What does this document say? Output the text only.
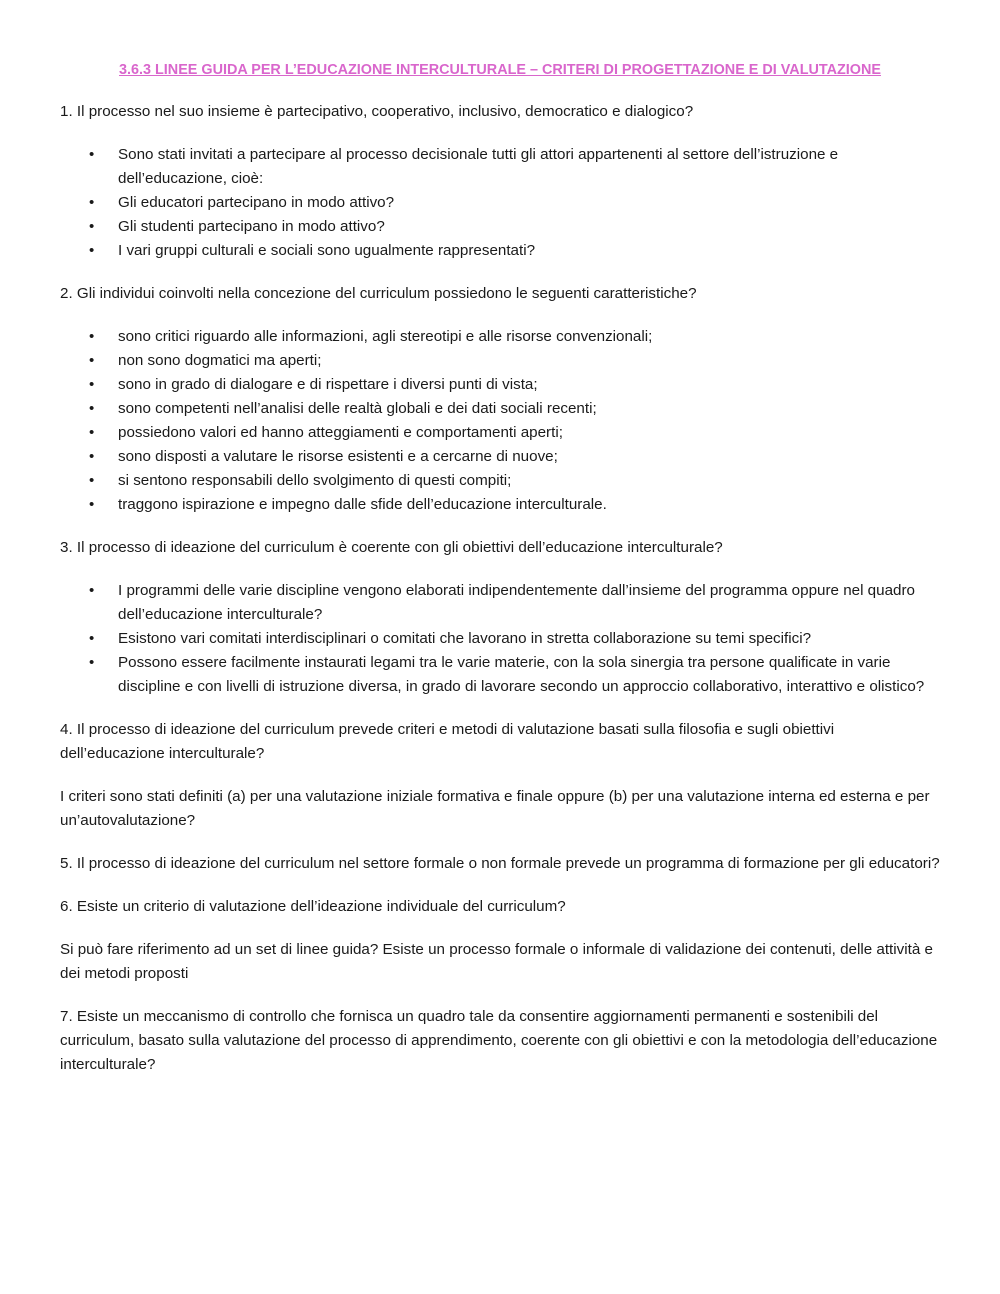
3.6.3 LINEE GUIDA PER L’EDUCAZIONE INTERCULTURALE – CRITERI DI PROGETTAZIONE E DI VALUTAZIONE

1. Il processo nel suo insieme è partecipativo, cooperativo, inclusivo, democratico e dialogico?

•	Sono stati invitati a partecipare al processo decisionale tutti gli attori appartenenti al settore dell’istruzione e dell’educazione, cioè:
•	Gli educatori partecipano in modo attivo?
•	Gli studenti partecipano in modo attivo?
•	I vari gruppi culturali e sociali sono ugualmente rappresentati?

2. Gli individui coinvolti nella concezione del curriculum possiedono le seguenti caratteristiche?

•	sono critici riguardo alle informazioni, agli stereotipi e alle risorse convenzionali;
•	non sono dogmatici ma aperti;
•	sono in grado di dialogare e di rispettare i diversi punti di vista;
•	sono competenti nell’analisi delle realtà globali e dei dati sociali recenti;
•	possiedono valori ed hanno atteggiamenti e comportamenti aperti;
•	sono disposti a valutare le risorse esistenti e a cercarne di nuove;
•	si sentono responsabili dello svolgimento di questi compiti;
•	traggono ispirazione e impegno dalle sfide dell’educazione interculturale.

3. Il processo di ideazione del curriculum è coerente con gli obiettivi dell’educazione interculturale?

•	I programmi delle varie discipline vengono elaborati indipendentemente dall’insieme del programma oppure nel quadro dell’educazione interculturale?
•	Esistono vari comitati interdisciplinari o comitati che lavorano in stretta collaborazione su temi specifici?
•	Possono essere facilmente instaurati legami tra le varie materie, con la sola sinergia tra persone qualificate in varie discipline e con livelli di istruzione diversa, in grado di lavorare secondo un approccio collaborativo, interattivo e olistico?

4. Il processo di ideazione del curriculum prevede criteri e metodi di valutazione basati sulla filosofia e sugli obiettivi dell’educazione interculturale?

I criteri sono stati definiti (a) per una valutazione iniziale formativa e finale oppure (b) per una valutazione interna ed esterna e per un’autovalutazione?

5. Il processo di ideazione del curriculum nel settore formale o non formale prevede un programma di formazione per gli educatori?

6. Esiste un criterio di valutazione dell’ideazione individuale del curriculum?

Si può fare riferimento ad un set di linee guida? Esiste un processo formale o informale di validazione dei contenuti, delle attività e dei metodi proposti

7. Esiste un meccanismo di controllo che fornisca un quadro tale da consentire aggiornamenti permanenti e sostenibili del curriculum, basato sulla valutazione del processo di apprendimento, coerente con gli obiettivi e con la metodologia dell’educazione interculturale?
